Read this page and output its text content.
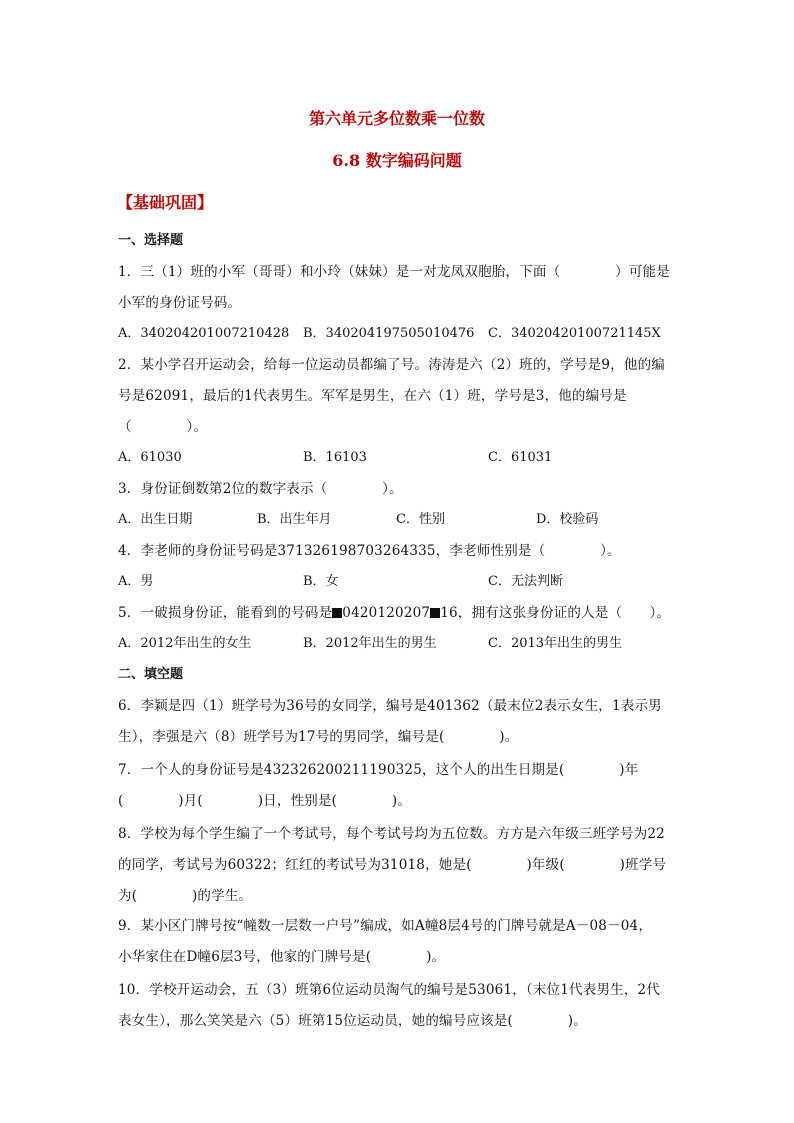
第六单元多位数乘一位数
6.8 数字编码问题
【基础巩固】
一、选择题
1．三（1）班的小军（哥哥）和小玲（妹妹）是一对龙凤双胞胎，下面（　　　　）可能是
小军的身份证号码。
A．340204201007210428 B．340204197505010476 C．34020420100721145X
2．某小学召开运动会，给每一位运动员都编了号。涛涛是六（2）班的，学号是9，他的编
号是62091，最后的1代表男生。军军是男生，在六（1）班，学号是3，他的编号是
（　　　　）。
A．61030	B．16103	C．61031
3．身份证倒数第2位的数字表示（　　　　）。
A．出生日期	B．出生年月	C．性别	D．校验码
4．李老师的身份证号码是371326198703264335，李老师性别是（　　　　）。
A．男	B．女	C．无法判断
5．一破损身份证，能看到的号码是 0420120207 16，拥有这张身份证的人是（　　）。
A．2012年出生的女生	B．2012年出生的男生	C．2013年出生的男生
二、填空题
6．李颖是四（1）班学号为36号的女同学，编号是401362（最末位2表示女生，1表示男
生），李强是六（8）班学号为17号的男同学，编号是(　　　　)。
7．一个人的身份证号是432326200211190325，这个人的出生日期是(　　　　)年
(　　　　)月(　　　　)日，性别是(　　　　)。
8．学校为每个学生编了一个考试号，每个考试号均为五位数。方方是六年级三班学号为22
的同学，考试号为60322；红红的考试号为31018，她是(　　　　)年级(　　　　)班学号
为(　　　　)的学生。
9．某小区门牌号按“幢数一层数一户号”编成，如A幢8层4号的门牌号就是A－08－04，
小华家住在D幢6层3号，他家的门牌号是(　　　　)。
10．学校开运动会，五（3）班第6位运动员淘气的编号是53061，（末位1代表男生，2代
表女生），那么笑笑是六（5）班第15位运动员，她的编号应该是(　　　　)。
